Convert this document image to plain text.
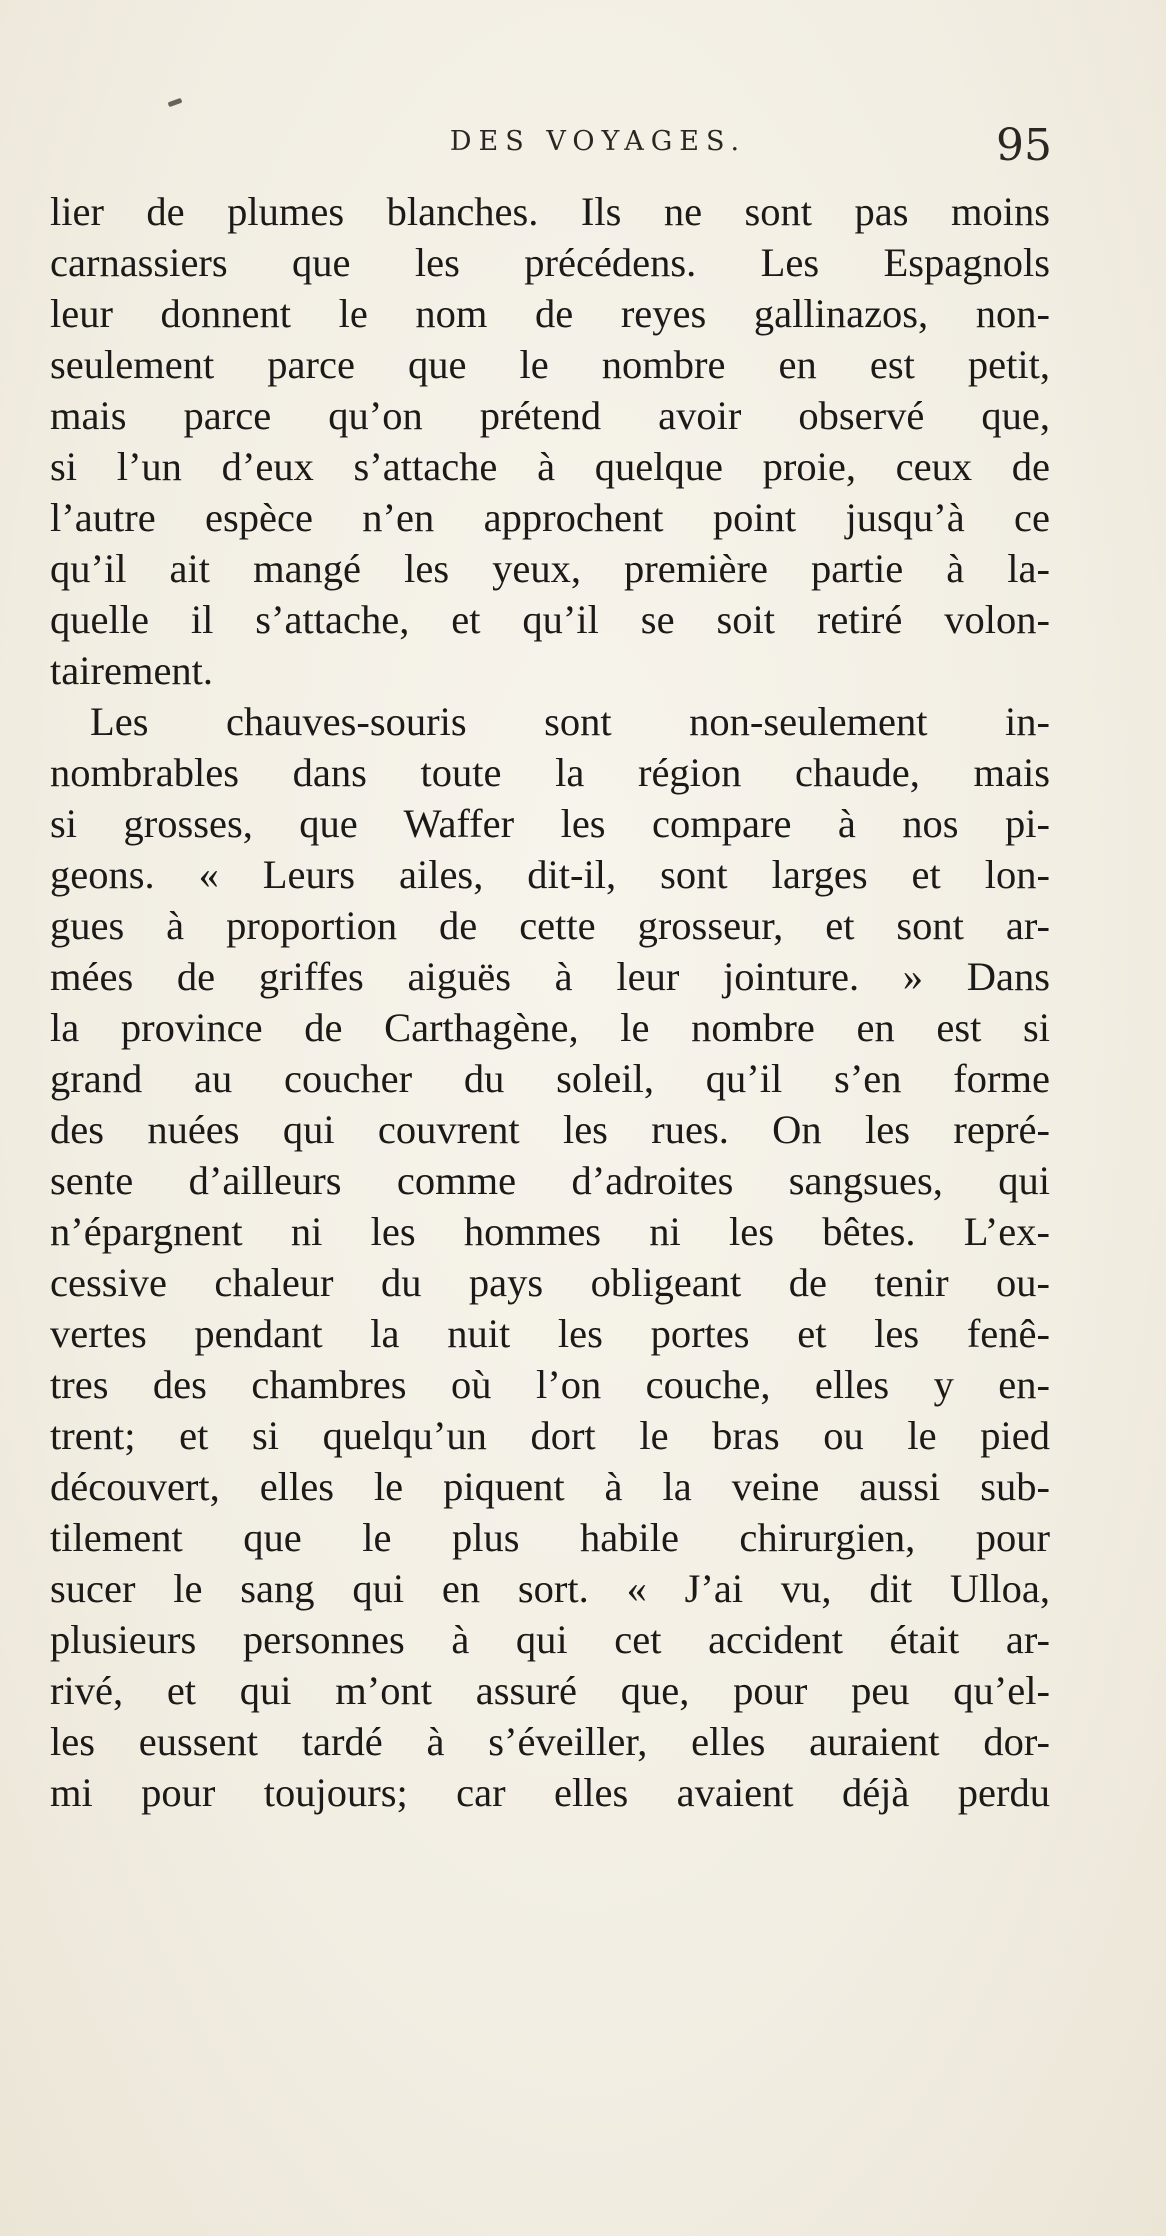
DES VOYAGES.	95
lier de plumes blanches. Ils ne sont pas moins
carnassiers que les précédens. Les Espagnols
leur donnent le nom de reyes gallinazos, non-
seulement parce que le nombre en est petit,
mais parce qu’on prétend avoir observé que,
si l’un d’eux s’attache à quelque proie, ceux de
l’autre espèce n’en approchent point jusqu’à ce
qu’il ait mangé les yeux, première partie à la-
quelle il s’attache, et qu’il se soit retiré volon-
tairement.
Les chauves-souris sont non-seulement in-
nombrables dans toute la région chaude, mais
si grosses, que Waffer les compare à nos pi-
geons. « Leurs ailes, dit-il, sont larges et lon-
gues à proportion de cette grosseur, et sont ar-
mées de griffes aiguës à leur jointure. » Dans
la province de Carthagène, le nombre en est si
grand au coucher du soleil, qu’il s’en forme
des nuées qui couvrent les rues. On les repré-
sente d’ailleurs comme d’adroites sangsues, qui
n’épargnent ni les hommes ni les bêtes. L’ex-
cessive chaleur du pays obligeant de tenir ou-
vertes pendant la nuit les portes et les fenê-
tres des chambres où l’on couche, elles y en-
trent; et si quelqu’un dort le bras ou le pied
découvert, elles le piquent à la veine aussi sub-
tilement que le plus habile chirurgien, pour
sucer le sang qui en sort. « J’ai vu, dit Ulloa,
plusieurs personnes à qui cet accident était ar-
rivé, et qui m’ont assuré que, pour peu qu’el-
les eussent tardé à s’éveiller, elles auraient dor-
mi pour toujours; car elles avaient déjà perdu
